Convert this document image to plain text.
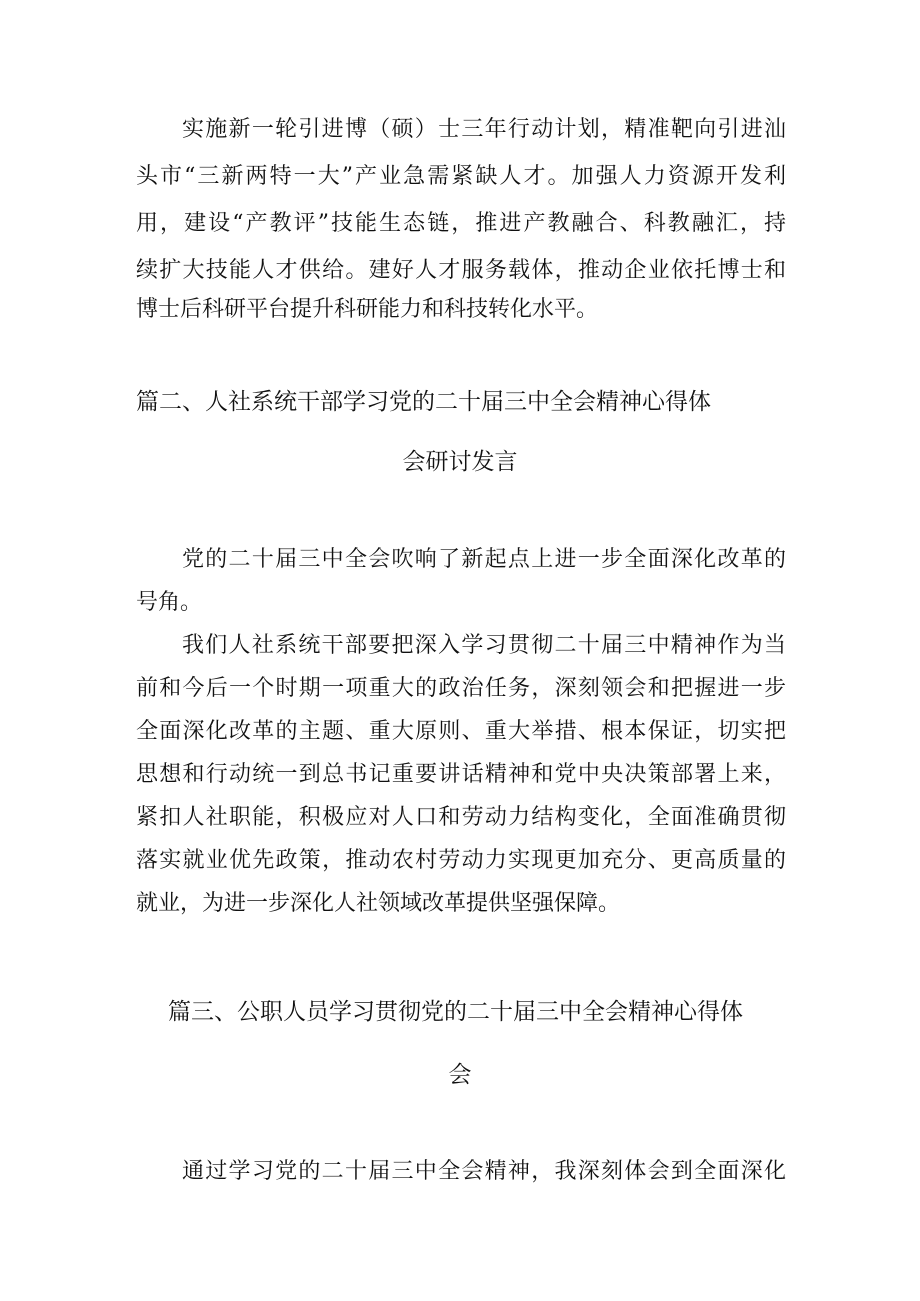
实施新一轮引进博（硕）士三年行动计划，精准靶向引进汕
头市“三新两特一大”产业急需紧缺人才。加强人力资源开发利
用，建设“产教评”技能生态链，推进产教融合、科教融汇，持
续扩大技能人才供给。建好人才服务载体，推动企业依托博士和
博士后科研平台提升科研能力和科技转化水平。
篇二、人社系统干部学习党的二十届三中全会精神心得体
会研讨发言
党的二十届三中全会吹响了新起点上进一步全面深化改革的
号角。
我们人社系统干部要把深入学习贯彻二十届三中精神作为当
前和今后一个时期一项重大的政治任务，深刻领会和把握进一步
全面深化改革的主题、重大原则、重大举措、根本保证，切实把
思想和行动统一到总书记重要讲话精神和党中央决策部署上来，
紧扣人社职能，积极应对人口和劳动力结构变化，全面准确贯彻
落实就业优先政策，推动农村劳动力实现更加充分、更高质量的
就业，为进一步深化人社领域改革提供坚强保障。
篇三、公职人员学习贯彻党的二十届三中全会精神心得体
会
通过学习党的二十届三中全会精神，我深刻体会到全面深化
